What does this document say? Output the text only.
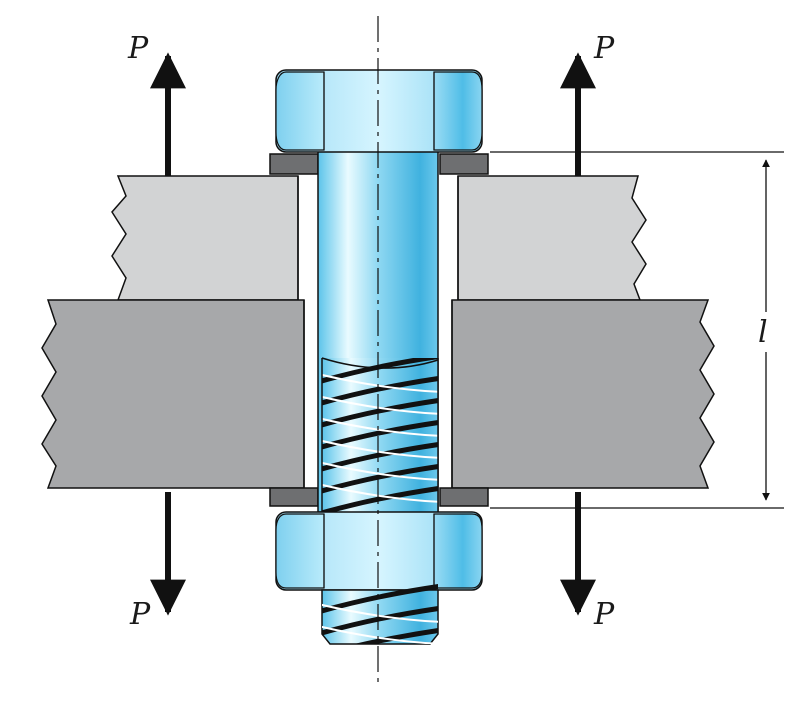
P	P
P	P
l
